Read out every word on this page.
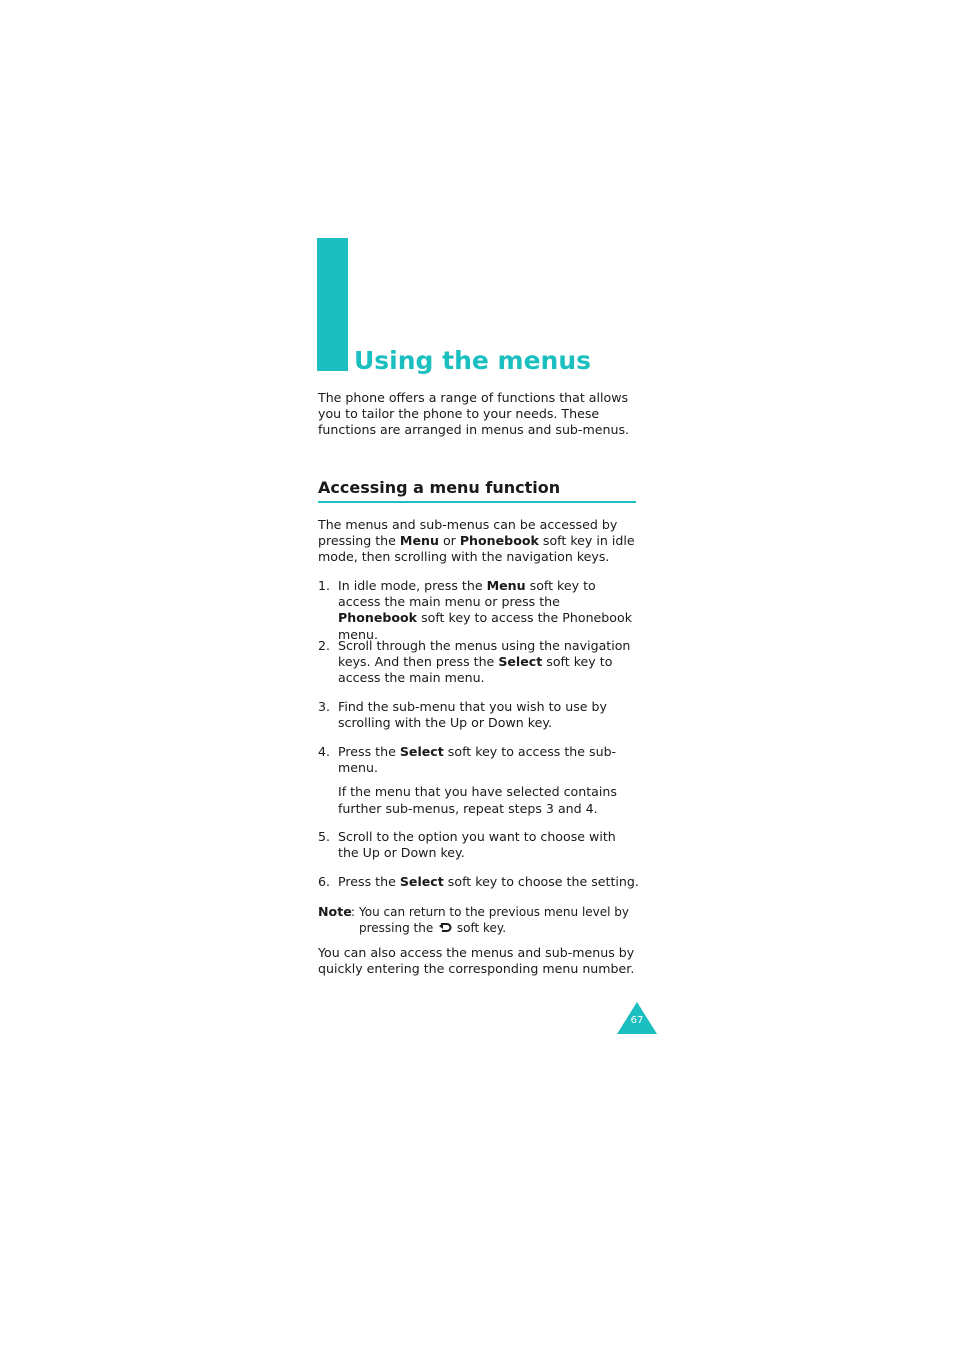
Using the menus

The phone offers a range of functions that allows you to tailor the phone to your needs. These functions are arranged in menus and sub-menus.

Accessing a menu function

The menus and sub-menus can be accessed by pressing the Menu or Phonebook soft key in idle mode, then scrolling with the navigation keys.

1. In idle mode, press the Menu soft key to access the main menu or press the Phonebook soft key to access the Phonebook menu.
2. Scroll through the menus using the navigation keys. And then press the Select soft key to access the main menu.
3. Find the sub-menu that you wish to use by scrolling with the Up or Down key.
4. Press the Select soft key to access the sub-menu.
If the menu that you have selected contains further sub-menus, repeat steps 3 and 4.
5. Scroll to the option you want to choose with the Up or Down key.
6. Press the Select soft key to choose the setting.
Note : You can return to the previous menu level by pressing the  soft key.

You can also access the menus and sub-menus by quickly entering the corresponding menu number.

67
